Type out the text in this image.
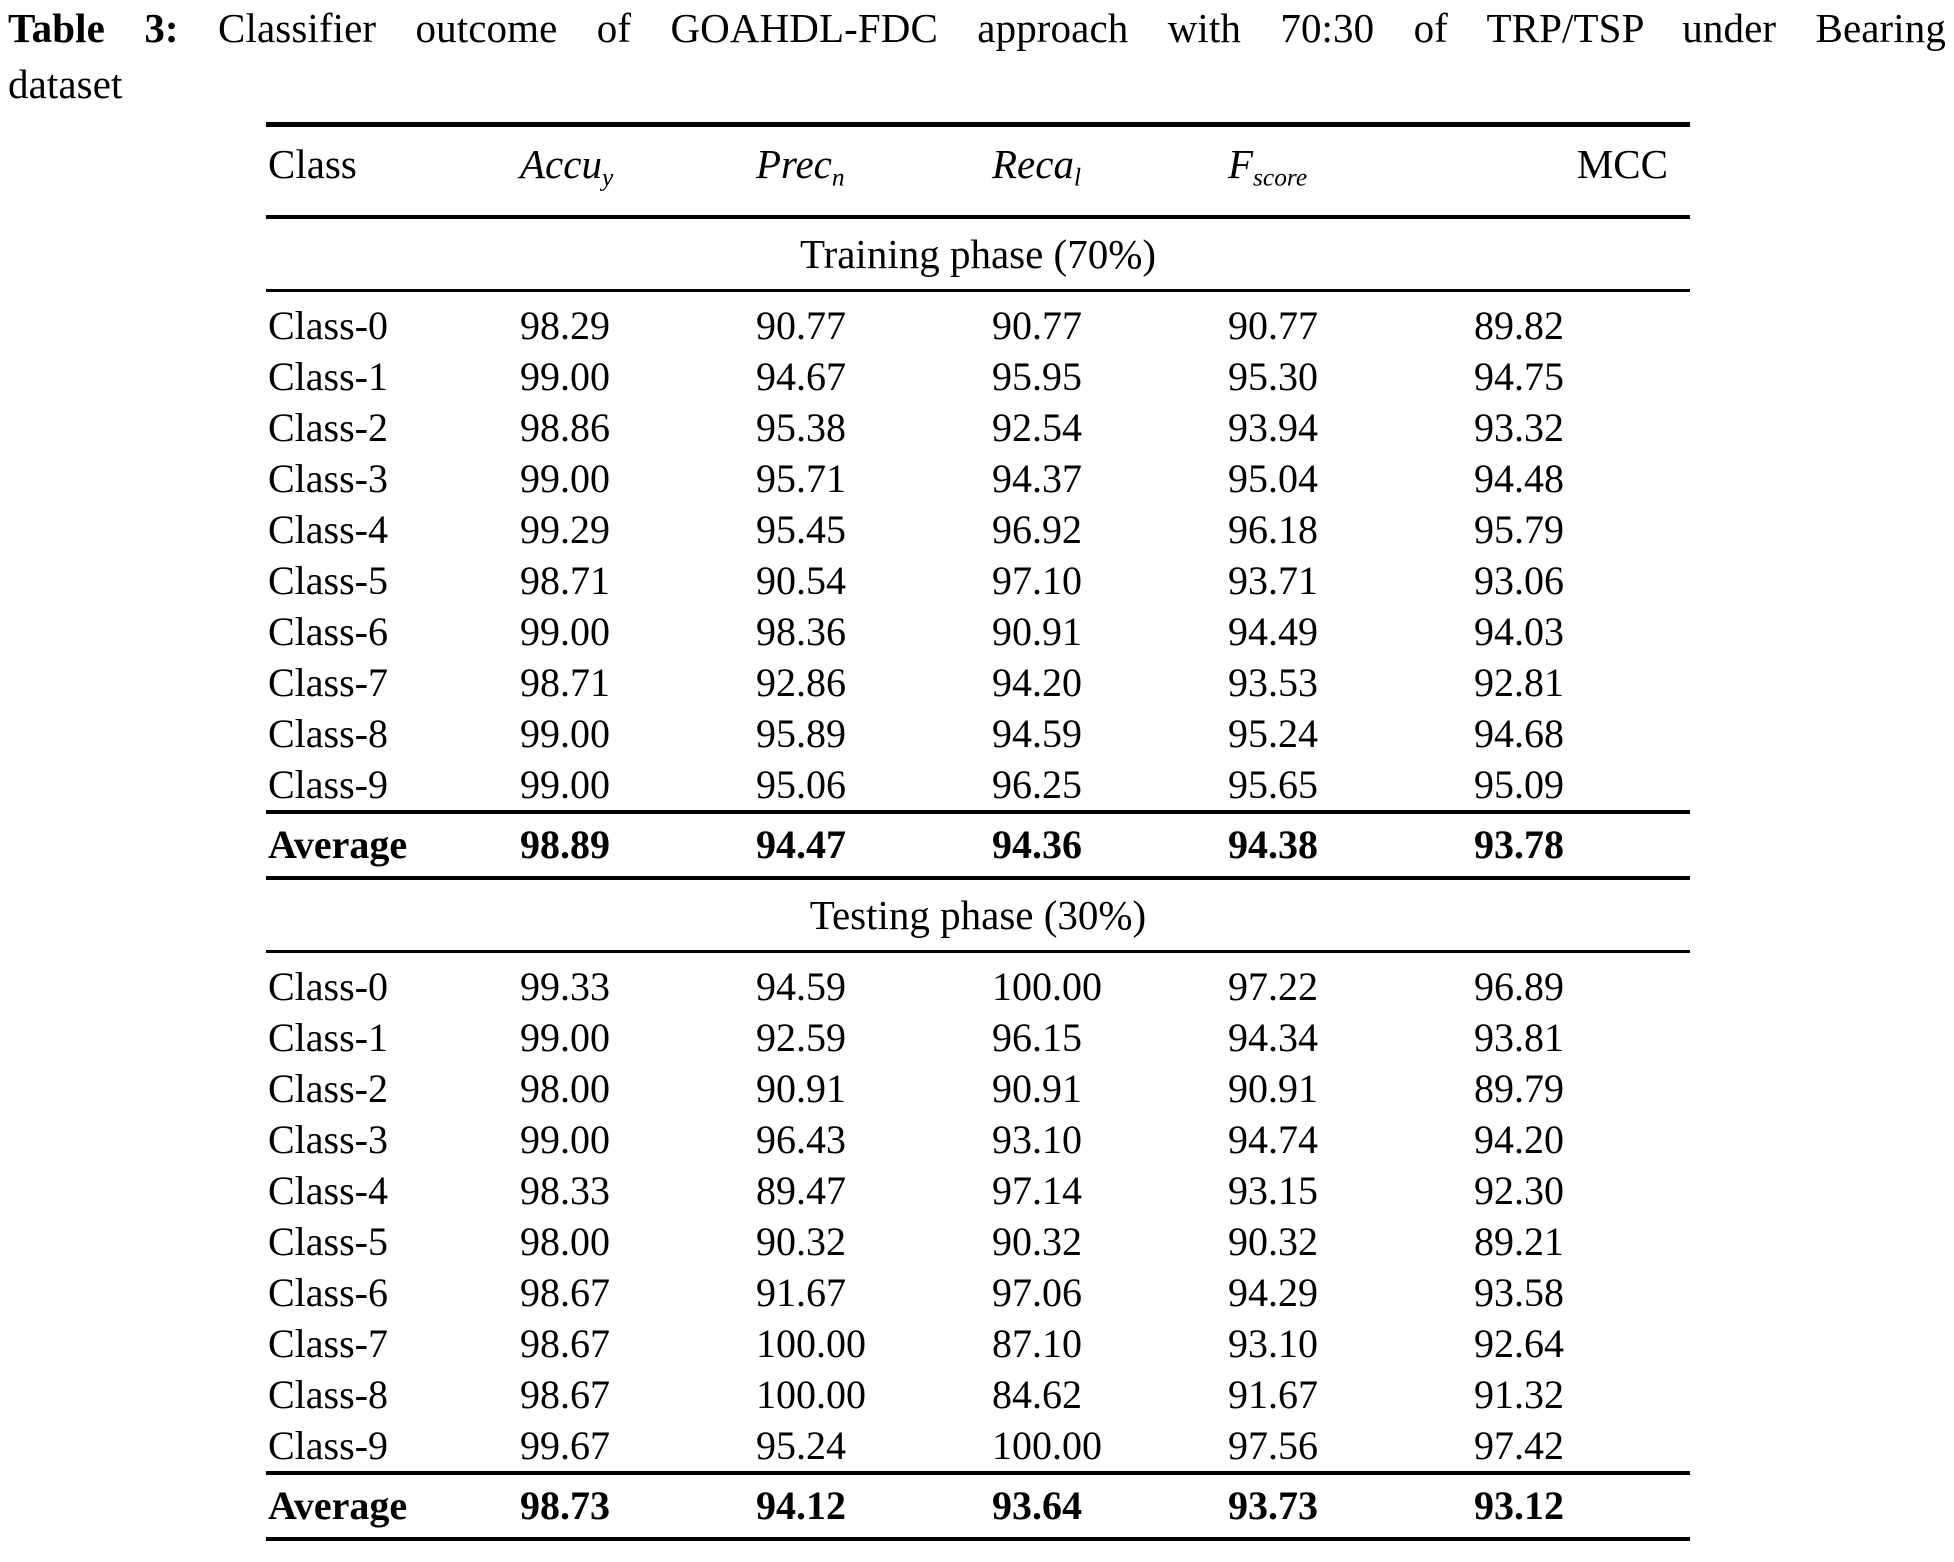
Table 3: Classifier outcome of GOAHDL-FDC approach with 70:30 of TRP/TSP under Bearing
dataset
Class	Accu$_y$	Prec$_n$	Reca$_l$	$F_{score}$	MCC
Training phase (70%)					
Class-0	98.29	90.77	90.77	90.77	89.82
Class-1	99.00	94.67	95.95	95.30	94.75
Class-2	98.86	95.38	92.54	93.94	93.32
Class-3	99.00	95.71	94.37	95.04	94.48
Class-4	99.29	95.45	96.92	96.18	95.79
Class-5	98.71	90.54	97.10	93.71	93.06
Class-6	99.00	98.36	90.91	94.49	94.03
Class-7	98.71	92.86	94.20	93.53	92.81
Class-8	99.00	95.89	94.59	95.24	94.68
Class-9	99.00	95.06	96.25	95.65	95.09
Average	98.89	94.47	94.36	94.38	93.78
Testing phase (30%)					
Class-0	99.33	94.59	100.00	97.22	96.89
Class-1	99.00	92.59	96.15	94.34	93.81
Class-2	98.00	90.91	90.91	90.91	89.79
Class-3	99.00	96.43	93.10	94.74	94.20
Class-4	98.33	89.47	97.14	93.15	92.30
Class-5	98.00	90.32	90.32	90.32	89.21
Class-6	98.67	91.67	97.06	94.29	93.58
Class-7	98.67	100.00	87.10	93.10	92.64
Class-8	98.67	100.00	84.62	91.67	91.32
Class-9	99.67	95.24	100.00	97.56	97.42
Average	98.73	94.12	93.64	93.73	93.12
